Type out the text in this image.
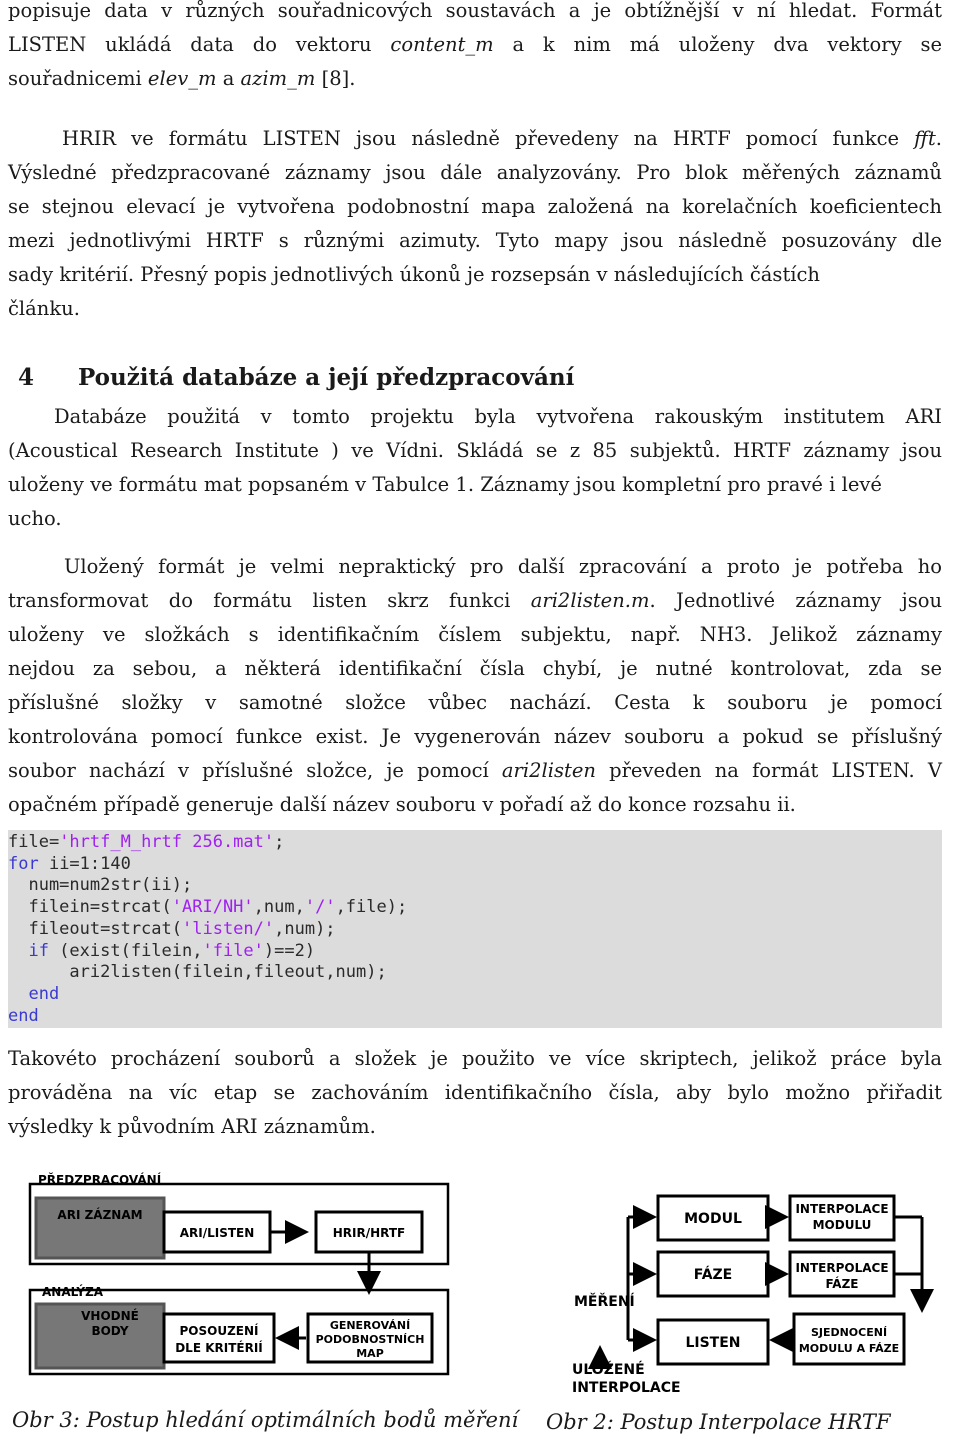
4 Použitá databáze a její předzpracování
file='hrtf_M_hrtf 256.mat';
for ii=1:140
num=num2str(ii);
filein=strcat('ARI/NH',num,'/',file);
fileout=strcat('listen/',num);
if (exist(filein,'file')==2)
ari2listen(filein,fileout,num);
end
end
PŘEDZPRACOVÁNÍ
ARI ZÁZNAM
ARI/LISTEN	HRIR/HRTF
ANALÝZA
VHODNÉ
BODY	POSOUZENÍ
DLE KRITÉRIÍ
GENEROVÁNÍ
PODOBNOSTNÍCH
MAP
Obr 3: Postup hledání optimálních bodů měření
MĚŘENÍ
ULOŽENÉ
INTERPOLACE
MODUL
FÁZE
LISTEN
INTERPOLACE
MODULU
INTERPOLACE
FÁZE
SJEDNOCENÍ
MODULU A FÁZE
Obr 2: Postup Interpolace HRTF
popisuje data v různých souřadnicových soustavách a je obtížnější v ní hledat. Formát
LISTEN ukládá data do vektoru content_m a k nim má uloženy dva vektory se
souřadnicemi elev_m a azim_m [8].
HRIR ve formátu LISTEN jsou následně převedeny na HRTF pomocí funkce fft.
Výsledné předzpracované záznamy jsou dále analyzovány. Pro blok měřených záznamů
se stejnou elevací je vytvořena podobnostní mapa založená na korelačních koeficientech
mezi jednotlivými HRTF s různými azimuty. Tyto mapy jsou následně posuzovány dle
sady kritérií. Přesný popis jednotlivých úkonů je rozsepsán v následujících částích
článku.
Databáze použitá v tomto projektu byla vytvořena rakouským institutem ARI
(Acoustical Research Institute ) ve Vídni. Skládá se z 85 subjektů. HRTF záznamy jsou
uloženy ve formátu mat popsaném v Tabulce 1. Záznamy jsou kompletní pro pravé i levé
ucho.
Uložený formát je velmi nepraktický pro další zpracování a proto je potřeba ho
transformovat do formátu listen skrz funkci ari2listen.m. Jednotlivé záznamy jsou
uloženy ve složkách s identifikačním číslem subjektu, např. NH3. Jelikož záznamy
nejdou za sebou, a některá identifikační čísla chybí, je nutné kontrolovat, zda se
příslušné složky v samotné složce vůbec nachází. Cesta k souboru je pomocí
kontrolována pomocí funkce exist. Je vygenerován název souboru a pokud se příslušný
soubor nachází v příslušné složce, je pomocí ari2listen převeden na formát LISTEN. V
opačném případě generuje další název souboru v pořadí až do konce rozsahu ii.
Takovéto procházení souborů a složek je použito ve více skriptech, jelikož práce byla
prováděna na víc etap se zachováním identifikačního čísla, aby bylo možno přiřadit
výsledky k původním ARI záznamům.
